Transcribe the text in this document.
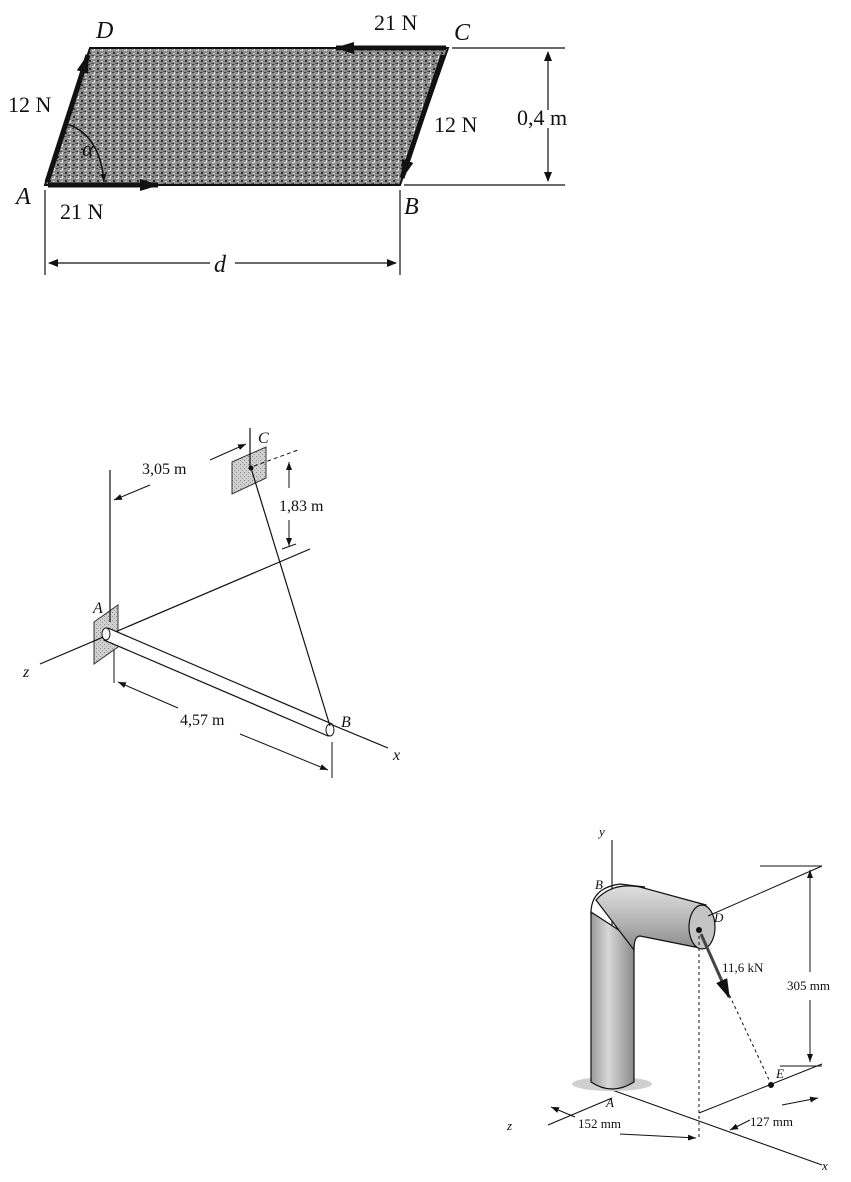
D	C
A	B
12 N
12 N
21 N
21 N
0,4 m
α
d
A
B
C
z
x
3,05 m
1,83 m
4,57 m
y
B
D
E
A
z
x
11,6 kN
305 mm
152 mm	127 mm
